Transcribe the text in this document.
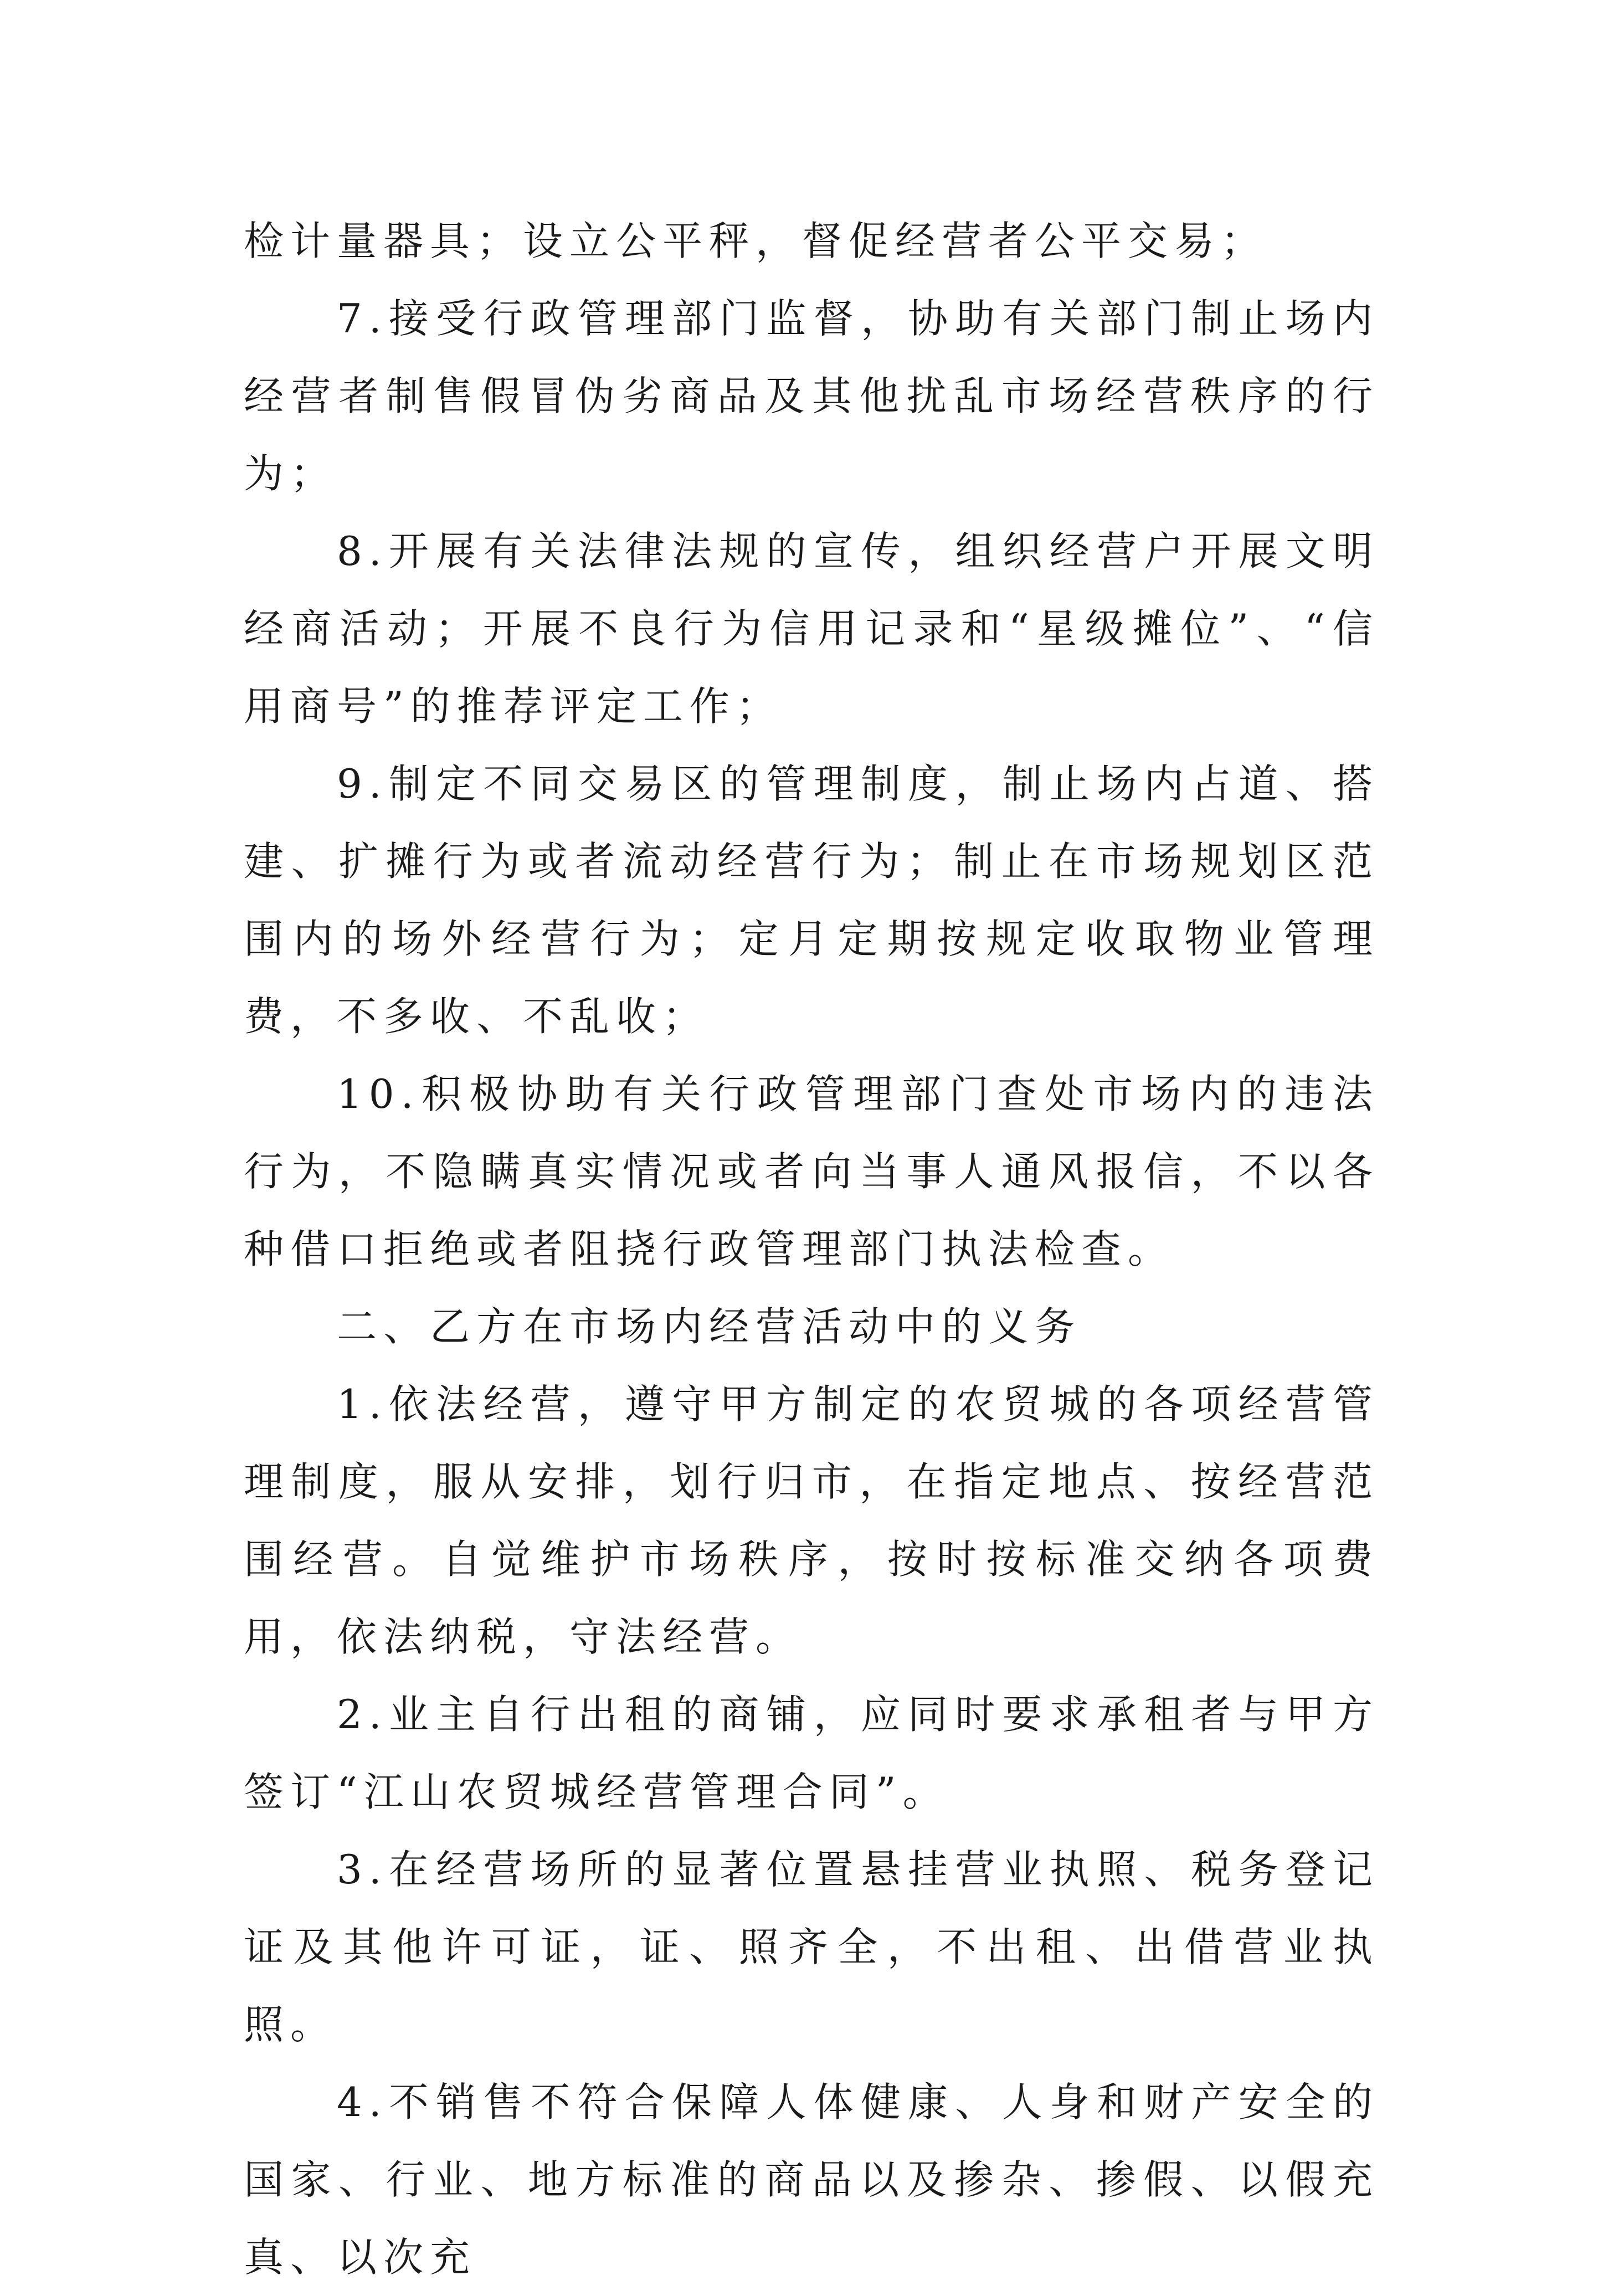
检计量器具；设立公平秤，督促经营者公平交易；

7.接受行政管理部门监督，协助有关部门制止场内经营者制售假冒伪劣商品及其他扰乱市场经营秩序的行为；

8.开展有关法律法规的宣传，组织经营户开展文明经商活动；开展不良行为信用记录和“星级摊位”、“信用商号”的推荐评定工作；

9.制定不同交易区的管理制度，制止场内占道、搭建、扩摊行为或者流动经营行为；制止在市场规划区范围内的场外经营行为；定月定期按规定收取物业管理费，不多收、不乱收；

10.积极协助有关行政管理部门查处市场内的违法行为，不隐瞒真实情况或者向当事人通风报信，不以各种借口拒绝或者阻挠行政管理部门执法检查。

二、乙方在市场内经营活动中的义务

1.依法经营，遵守甲方制定的农贸城的各项经营管理制度，服从安排，划行归市，在指定地点、按经营范围经营。自觉维护市场秩序，按时按标准交纳各项费用，依法纳税，守法经营。

2.业主自行出租的商铺，应同时要求承租者与甲方签订“江山农贸城经营管理合同”。

3.在经营场所的显著位置悬挂营业执照、税务登记证及其他许可证，证、照齐全，不出租、出借营业执照。

4.不销售不符合保障人体健康、人身和财产安全的国家、行业、地方标准的商品以及掺杂、掺假、以假充真、以次充
